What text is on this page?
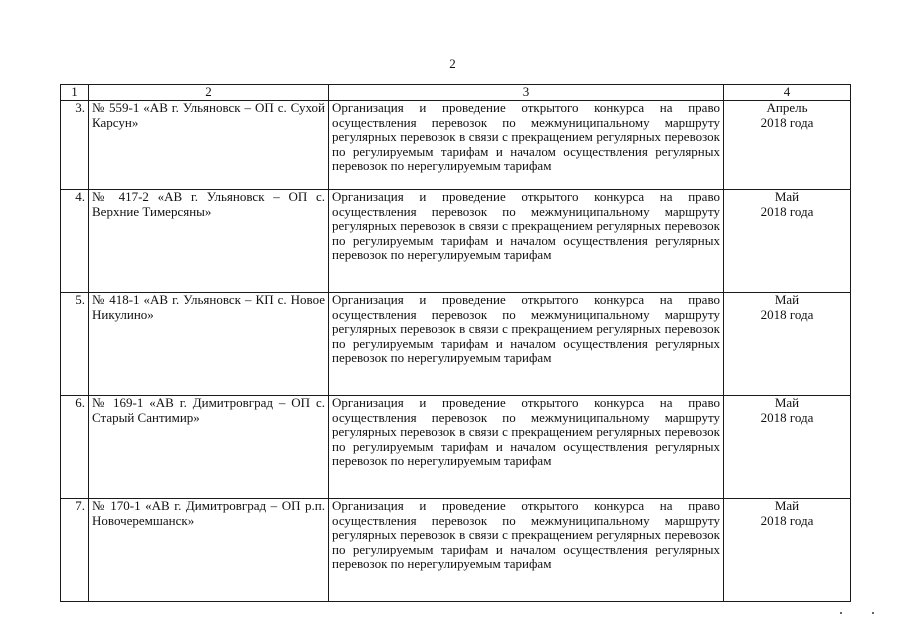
2
1	2	3	4
3.	№ 559-1 «АВ г. Ульяновск – ОП с. Сухой Карсун»	Организация и проведение открытого конкурса на право осуществления перевозок по межмуниципальному маршруту регулярных перевозок в связи с прекращением регулярных перевозок по регулируемым тарифам и началом осуществления регулярных перевозок по нерегулируемым тарифам	Апрель
2018 года

4.	№ 417-2 «АВ г. Ульяновск – ОП с. Верхние Тимерсяны»	Организация и проведение открытого конкурса на право осуществления перевозок по межмуниципальному маршруту регулярных перевозок в связи с прекращением регулярных перевозок по регулируемым тарифам и началом осуществления регулярных перевозок по нерегулируемым тарифам	Май
2018 года

5.	№ 418-1 «АВ г. Ульяновск – КП с. Новое Никулино»	Организация и проведение открытого конкурса на право осуществления перевозок по межмуниципальному маршруту регулярных перевозок в связи с прекращением регулярных перевозок по регулируемым тарифам и началом осуществления регулярных перевозок по нерегулируемым тарифам	Май
2018 года

6.	№ 169-1 «АВ г. Димитровград – ОП с. Старый Сантимир»	Организация и проведение открытого конкурса на право осуществления перевозок по межмуниципальному маршруту регулярных перевозок в связи с прекращением регулярных перевозок по регулируемым тарифам и началом осуществления регулярных перевозок по нерегулируемым тарифам	Май
2018 года

7.	№ 170-1 «АВ г. Димитровград – ОП р.п. Новочеремшанск»	Организация и проведение открытого конкурса на право осуществления перевозок по межмуниципальному маршруту регулярных перевозок в связи с прекращением регулярных перевозок по регулируемым тарифам и началом осуществления регулярных перевозок по нерегулируемым тарифам	Май
2018 года
